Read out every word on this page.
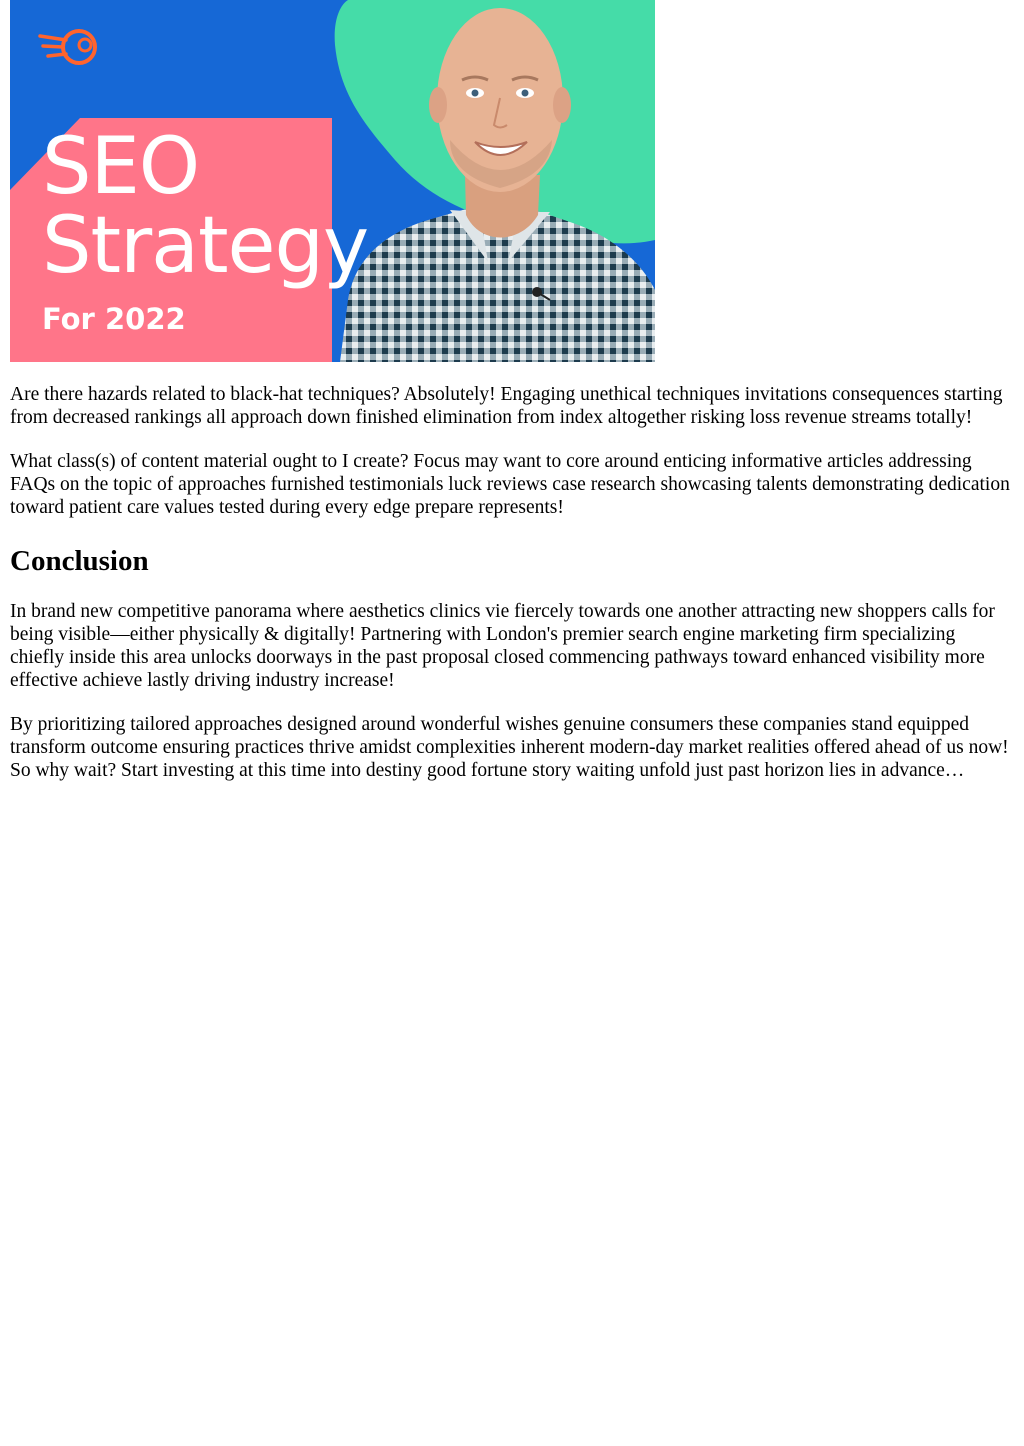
SEO
Strategy
For 2022

Are there hazards related to black-hat techniques? Absolutely! Engaging unethical techniques invitations consequences starting from decreased rankings all approach down finished elimination from index altogether risking loss revenue streams totally!

What class(s) of content material ought to I create? Focus may want to core around enticing informative articles addressing FAQs on the topic of approaches furnished testimonials luck reviews case research showcasing talents demonstrating dedication toward patient care values tested during every edge prepare represents!

Conclusion

In brand new competitive panorama where aesthetics clinics vie fiercely towards one another attracting new shoppers calls for being visible—either physically & digitally! Partnering with London's premier search engine marketing firm specializing chiefly inside this area unlocks doorways in the past proposal closed commencing pathways toward enhanced visibility more effective achieve lastly driving industry increase!

By prioritizing tailored approaches designed around wonderful wishes genuine consumers these companies stand equipped transform outcome ensuring practices thrive amidst complexities inherent modern-day market realities offered ahead of us now! So why wait? Start investing at this time into destiny good fortune story waiting unfold just past horizon lies in advance…
